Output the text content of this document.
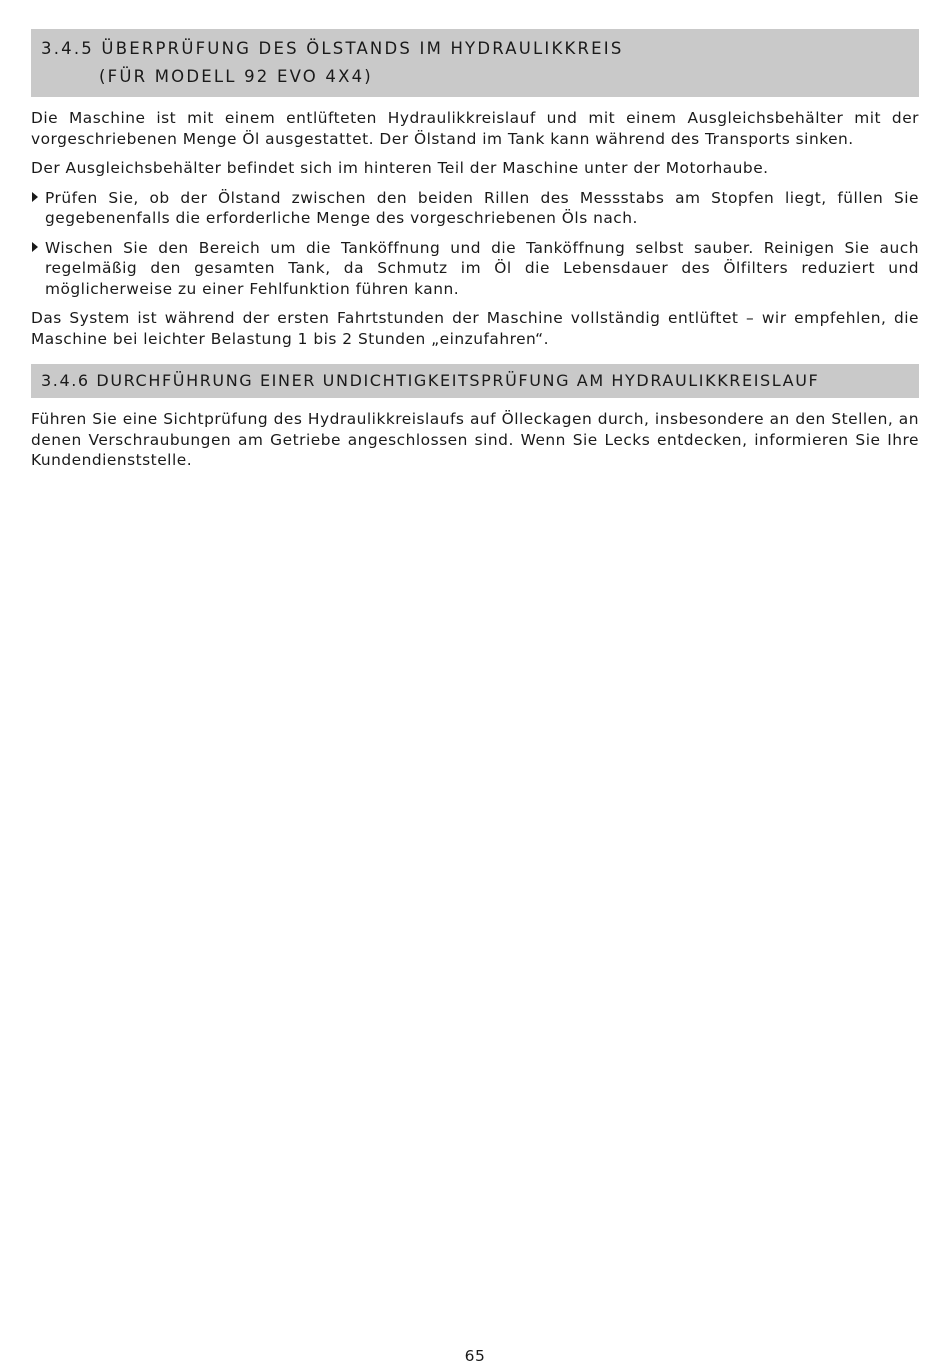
3.4.5 ÜBERPRÜFUNG DES ÖLSTANDS IM HYDRAULIKKREIS
(FÜR MODELL 92 EVO 4X4)

Die Maschine ist mit einem entlüfteten Hydraulikkreislauf und mit einem Ausgleichsbehälter mit der vorgeschriebenen Menge Öl ausgestattet. Der Ölstand im Tank kann während des Transports sinken.

Der Ausgleichsbehälter befindet sich im hinteren Teil der Maschine unter der Motorhaube.

Prüfen Sie, ob der Ölstand zwischen den beiden Rillen des Messstabs am Stopfen liegt, füllen Sie gegebenenfalls die erforderliche Menge des vorgeschriebenen Öls nach.
Wischen Sie den Bereich um die Tanköffnung und die Tanköffnung selbst sauber. Reinigen Sie auch regelmäßig den gesamten Tank, da Schmutz im Öl die Lebensdauer des Ölfilters reduziert und möglicherweise zu einer Fehlfunktion führen kann.

Das System ist während der ersten Fahrtstunden der Maschine vollständig entlüftet – wir empfehlen, die Maschine bei leichter Belastung 1 bis 2 Stunden „einzufahren“.

3.4.6 DURCHFÜHRUNG EINER UNDICHTIGKEITSPRÜFUNG AM HYDRAULIKKREISLAUF

Führen Sie eine Sichtprüfung des Hydraulikkreislaufs auf Ölleckagen durch, insbesondere an den Stellen, an denen Verschraubungen am Getriebe angeschlossen sind. Wenn Sie Lecks entdecken, informieren Sie Ihre Kundendienststelle.

65
